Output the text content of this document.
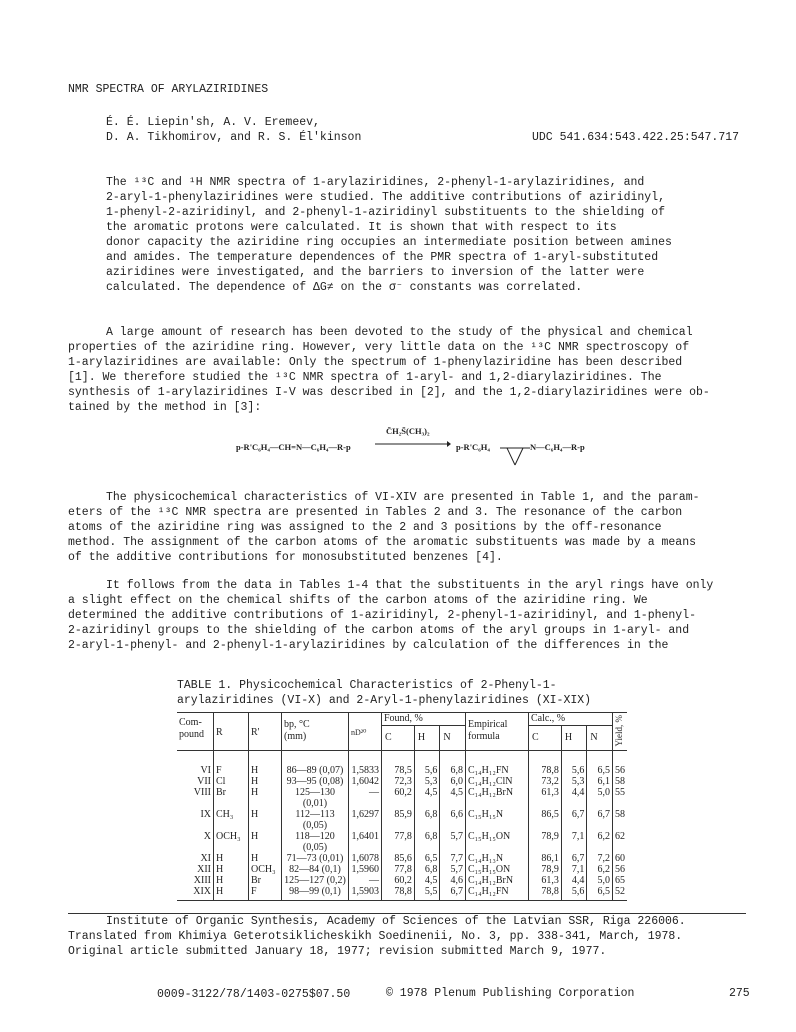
NMR SPECTRA OF ARYLAZIRIDINES
É. É. Liepin'sh, A. V. Eremeev,
D. A. Tikhomirov, and R. S. Él'kinson	UDC 541.634:543.422.25:547.717
The ¹³C and ¹H NMR spectra of 1-arylaziridines, 2-phenyl-1-arylaziridines, and
2-aryl-1-phenylaziridines were studied. The additive contributions of aziridinyl,
1-phenyl-2-aziridinyl, and 2-phenyl-1-aziridinyl substituents to the shielding of
the aromatic protons were calculated. It is shown that with respect to its
donor capacity the aziridine ring occupies an intermediate position between amines
and amides. The temperature dependences of the PMR spectra of 1-aryl-substituted
aziridines were investigated, and the barriers to inversion of the latter were
calculated. The dependence of ΔG≠ on the σ⁻ constants was correlated.
A large amount of research has been devoted to the study of the physical and chemical
properties of the aziridine ring. However, very little data on the ¹³C NMR spectroscopy of
1-arylaziridines are available: Only the spectrum of 1-phenylaziridine has been described
[1]. We therefore studied the ¹³C NMR spectra of 1-aryl- and 1,2-diarylaziridines. The
synthesis of 1-arylaziridines I-V was described in [2], and the 1,2-diarylaziridines were ob-
tained by the method in [3]:
p-R'C₆H₄—CH=N—C₆H₄—R-p
C̄H₂S̄(CH₃)₂
p-R'C₆H₄	N—C₆H₄—R-p
The physicochemical characteristics of VI-XIV are presented in Table 1, and the param-
eters of the ¹³C NMR spectra are presented in Tables 2 and 3. The resonance of the carbon
atoms of the aziridine ring was assigned to the 2 and 3 positions by the off-resonance
method. The assignment of the carbon atoms of the aromatic substituents was made by a means
of the additive contributions for monosubstituted benzenes [4].
It follows from the data in Tables 1-4 that the substituents in the aryl rings have only
a slight effect on the chemical shifts of the carbon atoms of the aziridine ring. We
determined the additive contributions of 1-aziridinyl, 2-phenyl-1-aziridinyl, and 1-phenyl-
2-aziridinyl groups to the shielding of the carbon atoms of the aryl groups in 1-aryl- and
2-aryl-1-phenyl- and 2-phenyl-1-arylaziridines by calculation of the differences in the
TABLE 1. Physicochemical Characteristics of 2-Phenyl-1-
arylaziridines (VI-X) and 2-Aryl-1-phenylaziridines (XI-XIX)
Com-
pound	R	R'	bp, °C
(mm)	nD²⁰	Found, %			Empirical
formula	Calc., %			Yield, %

					C	H	N		C	H	N	
VI	F	H	86—89 (0,07)	1,5833	78,5	5,6	6,8	C₁₄H₁₂FN	78,8	5,6	6,5	56
VII	Cl	H	93—95 (0,08)	1,6042	72,3	5,3	6,0	C₁₄H₁₂ClN	73,2	5,3	6,1	58
VIII	Br	H	125—130 (0,01)	—	60,2	4,5	4,5	C₁₄H₁₂BrN	61,3	4,4	5,0	55
IX	CH₃	H	112—113 (0,05)	1,6297	85,9	6,8	6,6	C₁₅H₁₅N	86,5	6,7	6,7	58
X	OCH₃	H	118—120 (0,05)	1,6401	77,8	6,8	5,7	C₁₅H₁₅ON	78,9	7,1	6,2	62
XI	H	H	71—73 (0,01)	1,6078	85,6	6,5	7,7	C₁₄H₁₃N	86,1	6,7	7,2	60
XII	H	OCH₃	82—84 (0,1)	1,5960	77,8	6,8	5,7	C₁₅H₁₅ON	78,9	7,1	6,2	56
XIII	H	Br	125—127 (0,2)	—	60,2	4,5	4,6	C₁₄H₁₂BrN	61,3	4,4	5,0	65
XIX	H	F	98—99 (0,1)	1,5903	78,8	5,5	6,7	C₁₄H₁₂FN	78,8	5,6	6,5	52
Institute of Organic Synthesis, Academy of Sciences of the Latvian SSR, Riga 226006.
Translated from Khimiya Geterotsiklicheskikh Soedinenii, No. 3, pp. 338-341, March, 1978.
Original article submitted January 18, 1977; revision submitted March 9, 1977.
0009-3122/78/1403-0275$07.50	© 1978 Plenum Publishing Corporation	275
